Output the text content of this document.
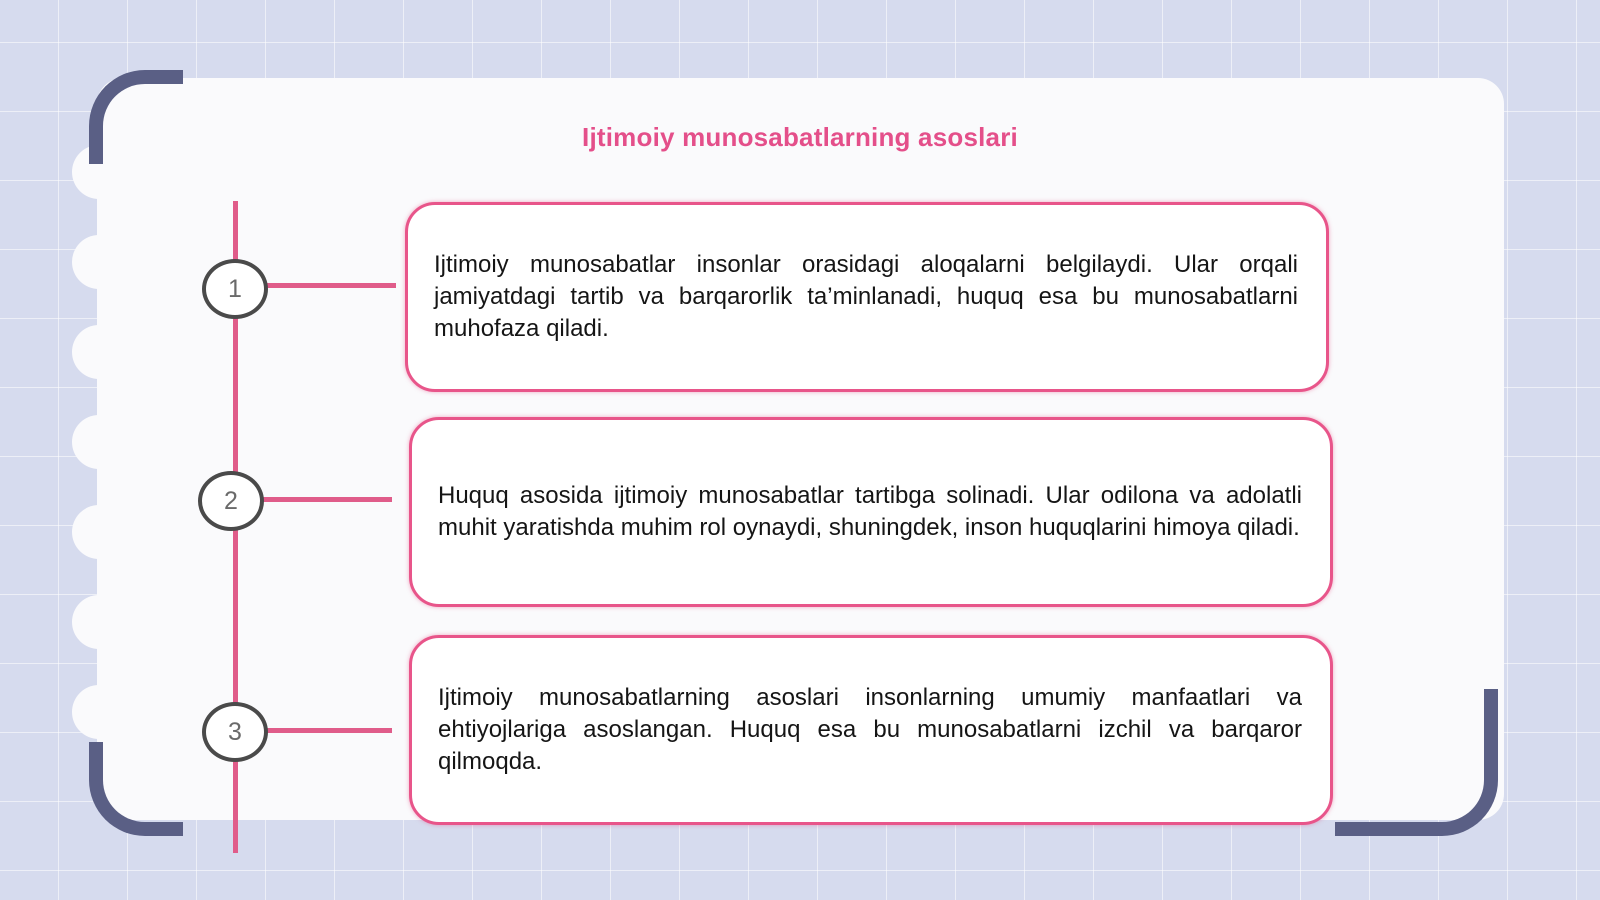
Ijtimoiy munosabatlarning asoslari
1
2
3

Ijtimoiy munosabatlar insonlar orasidagi aloqalarni belgilaydi. Ular orqali jamiyatdagi tartib va barqarorlik ta’minlanadi, huquq esa bu munosabatlarni muhofaza qiladi.

Huquq asosida ijtimoiy munosabatlar tartibga solinadi. Ular odilona va adolatli muhit yaratishda muhim rol oynaydi, shuningdek, inson huquqlarini himoya qiladi.

Ijtimoiy munosabatlarning asoslari insonlarning umumiy manfaatlari va ehtiyojlariga asoslangan. Huquq esa bu munosabatlarni izchil va barqaror qilmoqda.
